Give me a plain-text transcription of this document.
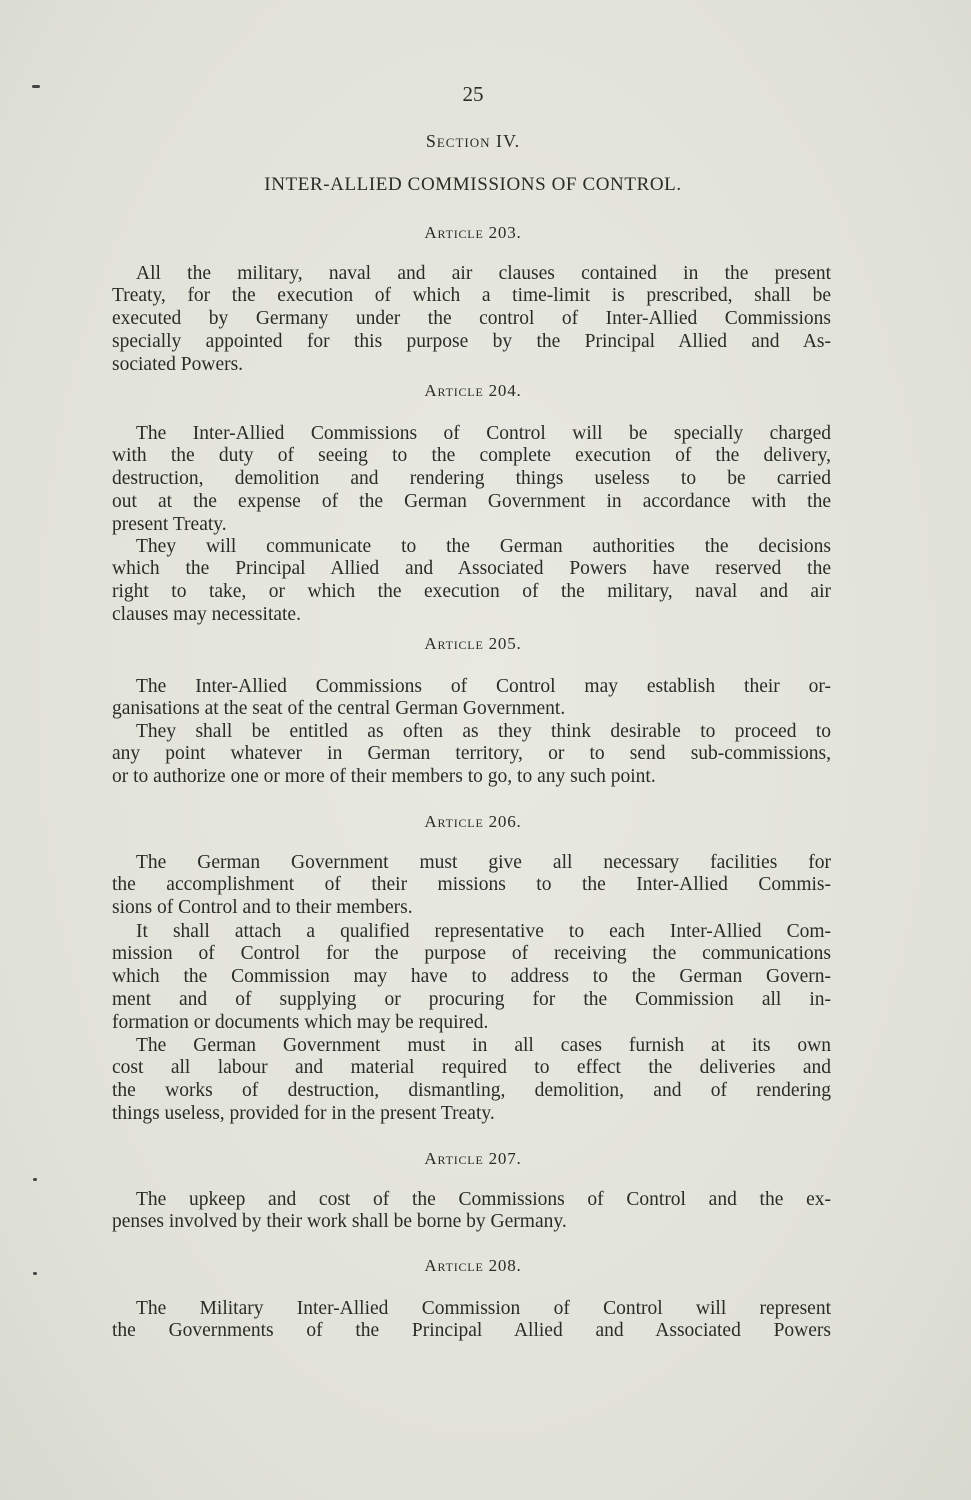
25
Section IV.
INTER-ALLIED COMMISSIONS OF CONTROL.
Article 203.
All the military, naval and air clauses contained in the present
Treaty, for the execution of which a time-limit is prescribed, shall be
executed by Germany under the control of Inter-Allied Commissions
specially appointed for this purpose by the Principal Allied and As-
sociated Powers.
Article 204.
The Inter-Allied Commissions of Control will be specially charged
with the duty of seeing to the complete execution of the delivery,
destruction, demolition and rendering things useless to be carried
out at the expense of the German Government in accordance with the
present Treaty.
They will communicate to the German authorities the decisions
which the Principal Allied and Associated Powers have reserved the
right to take, or which the execution of the military, naval and air
clauses may necessitate.
Article 205.
The Inter-Allied Commissions of Control may establish their or-
ganisations at the seat of the central German Government.
They shall be entitled as often as they think desirable to proceed to
any point whatever in German territory, or to send sub-commissions,
or to authorize one or more of their members to go, to any such point.
Article 206.
The German Government must give all necessary facilities for
the accomplishment of their missions to the Inter-Allied Commis-
sions of Control and to their members.
It shall attach a qualified representative to each Inter-Allied Com-
mission of Control for the purpose of receiving the communications
which the Commission may have to address to the German Govern-
ment and of supplying or procuring for the Commission all in-
formation or documents which may be required.
The German Government must in all cases furnish at its own
cost all labour and material required to effect the deliveries and
the works of destruction, dismantling, demolition, and of rendering
things useless, provided for in the present Treaty.
Article 207.
The upkeep and cost of the Commissions of Control and the ex-
penses involved by their work shall be borne by Germany.
Article 208.
The Military Inter-Allied Commission of Control will represent
the Governments of the Principal Allied and Associated Powers
